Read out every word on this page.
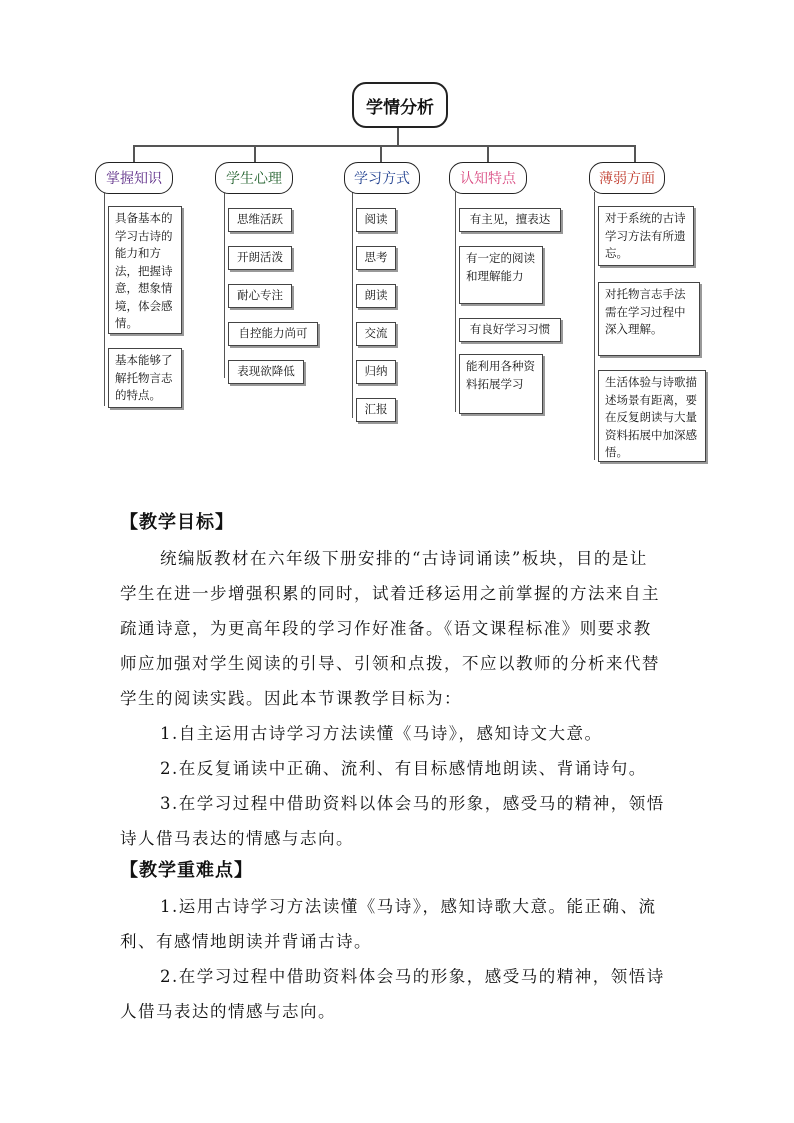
学情分析
掌握知识	学生心理	学习方式	认知特点	薄弱方面
具备基本的学习古诗的能力和方法，把握诗意，想象情境，体会感情。
基本能够了解托物言志的特点。
思维活跃
开朗活泼
耐心专注
自控能力尚可
表现欲降低
阅读
思考
朗读
交流
归纳
汇报
有主见，擅表达
有一定的阅读和理解能力
有良好学习习惯
能利用各种资料拓展学习
对于系统的古诗学习方法有所遗忘。
对托物言志手法需在学习过程中深入理解。
生活体验与诗歌描述场景有距离，要在反复朗读与大量资料拓展中加深感悟。
【教学目标】
统编版教材在六年级下册安排的“古诗词诵读”板块，目的是让
学生在进一步增强积累的同时，试着迁移运用之前掌握的方法来自主
疏通诗意，为更高年段的学习作好准备。《语文课程标准》则要求教
师应加强对学生阅读的引导、引领和点拨，不应以教师的分析来代替
学生的阅读实践。因此本节课教学目标为：
1.自主运用古诗学习方法读懂《马诗》，感知诗文大意。
2.在反复诵读中正确、流利、有目标感情地朗读、背诵诗句。
3.在学习过程中借助资料以体会马的形象，感受马的精神，领悟
诗人借马表达的情感与志向。
【教学重难点】
1.运用古诗学习方法读懂《马诗》，感知诗歌大意。能正确、流
利、有感情地朗读并背诵古诗。
2.在学习过程中借助资料体会马的形象，感受马的精神，领悟诗
人借马表达的情感与志向。
